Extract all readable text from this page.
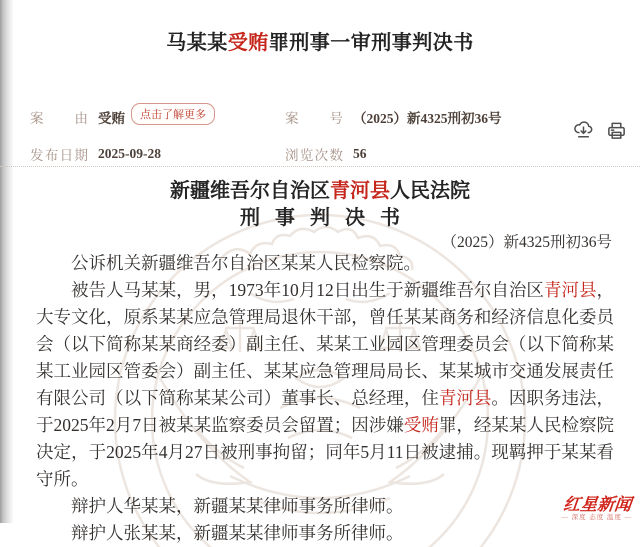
马某某受贿罪刑事一审刑事判决书
案由 受贿	点击了解更多	案号 （2025）新4325刑初36号
发布日期 2025-09-28	浏览次数 56
新疆维吾尔自治区青河县人民法院
刑事判决书
（2025）新4325刑初36号

公诉机关新疆维吾尔自治区某某人民检察院。

被告人马某某，男，1973年10月12日出生于新疆维吾尔自治区青河县，大专文化，原系某某应急管理局退休干部，曾任某某商务和经济信息化委员会（以下简称某某商经委）副主任、某某工业园区管理委员会（以下简称某某工业园区管委会）副主任、某某应急管理局局长、某某城市交通发展责任有限公司（以下简称某某公司）董事长、总经理，住青河县。因职务违法，于2025年2月7日被某某监察委员会留置；因涉嫌受贿罪，经某某人民检察院决定，于2025年4月27日被刑事拘留；同年5月11日被逮捕。现羁押于某某看守所。

辩护人华某某，新疆某某律师事务所律师。

辩护人张某某，新疆某某律师事务所律师。

红星新闻
— 深度 态度 温度 —
